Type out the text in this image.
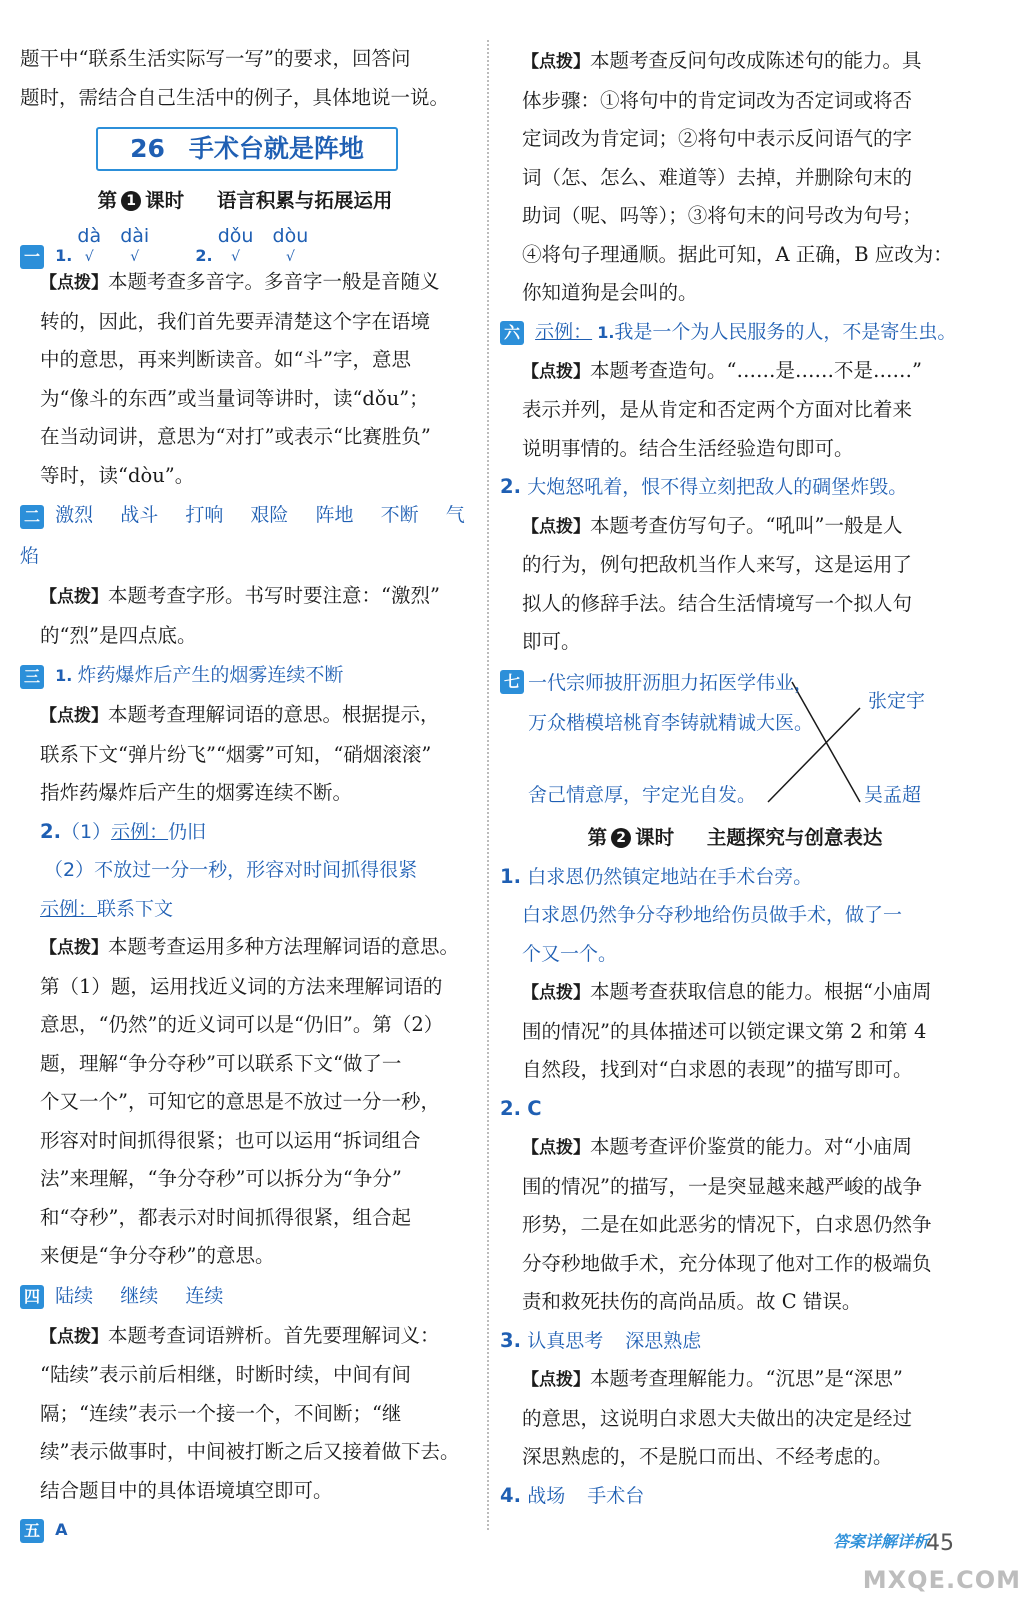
题干中“联系生活实际写一写”的要求，回答问

题时，需结合自己生活中的例子，具体地说一说。

26 手术台就是阵地
第 1 课时 语言积累与拓展运用
一 1. dà
√
dài
√	2. dǒu
√
dòu
√

【点拨】本题考查多音字。多音字一般是音随义

转的，因此，我们首先要弄清楚这个字在语境

中的意思，再来判断读音。如“斗”字，意思

为“像斗的东西”或当量词等讲时，读“dǒu”；

在当动词讲，意思为“对打”或表示“比赛胜负”

等时，读“dòu”。

二 激烈 战斗 打响 艰险 阵地 不断 气焰

【点拨】本题考查字形。书写时要注意：“激烈”

的“烈”是四点底。

三 1. 炸药爆炸后产生的烟雾连续不断

【点拨】本题考查理解词语的意思。根据提示，

联系下文“弹片纷飞”“烟雾”可知，“硝烟滚滚”

指炸药爆炸后产生的烟雾连续不断。

2.（1）示例：仍旧

（2）不放过一分一秒，形容对时间抓得很紧

示例：联系下文

【点拨】本题考查运用多种方法理解词语的意思。

第（1）题，运用找近义词的方法来理解词语的

意思，“仍然”的近义词可以是“仍旧”。第（2）

题，理解“争分夺秒”可以联系下文“做了一

个又一个”，可知它的意思是不放过一分一秒，

形容对时间抓得很紧；也可以运用“拆词组合

法”来理解，“争分夺秒”可以拆分为“争分”

和“夺秒”，都表示对时间抓得很紧，组合起

来便是“争分夺秒”的意思。

四 陆续 继续 连续

【点拨】本题考查词语辨析。首先要理解词义：

“陆续”表示前后相继，时断时续，中间有间

隔；“连续”表示一个接一个，不间断；“继

续”表示做事时，中间被打断之后又接着做下去。

结合题目中的具体语境填空即可。

五 A

【点拨】本题考查反问句改成陈述句的能力。具

体步骤：①将句中的肯定词改为否定词或将否

定词改为肯定词；②将句中表示反问语气的字

词（怎、怎么、难道等）去掉，并删除句末的

助词（呢、吗等）；③将句末的问号改为句号；

④将句子理通顺。据此可知，A 正确，B 应改为：

你知道狗是会叫的。

六 示例： 1.我是一个为人民服务的人，不是寄生虫。

【点拨】本题考查造句。“……是……不是……”

表示并列，是从肯定和否定两个方面对比着来

说明事情的。结合生活经验造句即可。

2. 大炮怒吼着，恨不得立刻把敌人的碉堡炸毁。

【点拨】本题考查仿写句子。“吼叫”一般是人

的行为，例句把敌机当作人来写，这是运用了

拟人的修辞手法。结合生活情境写一个拟人句

即可。

七 一代宗师披肝沥胆力拓医学伟业，
万众楷模培桃育李铸就精诚大医。
舍己情意厚，宇定光自发。
张定宇
吴孟超
第 2 课时 主题探究与创意表达

1. 白求恩仍然镇定地站在手术台旁。

白求恩仍然争分夺秒地给伤员做手术，做了一

个又一个。

【点拨】本题考查获取信息的能力。根据“小庙周

围的情况”的具体描述可以锁定课文第 2 和第 4

自然段，找到对“白求恩的表现”的描写即可。

2. C

【点拨】本题考查评价鉴赏的能力。对“小庙周

围的情况”的描写，一是突显越来越严峻的战争

形势，二是在如此恶劣的情况下，白求恩仍然争

分夺秒地做手术，充分体现了他对工作的极端负

责和救死扶伤的高尚品质。故 C 错误。

3. 认真思考 深思熟虑

【点拨】本题考查理解能力。“沉思”是“深思”

的意思，这说明白求恩大夫做出的决定是经过

深思熟虑的，不是脱口而出、不经考虑的。

4. 战场 手术台

答案详解详析
45
MXQE.COM
